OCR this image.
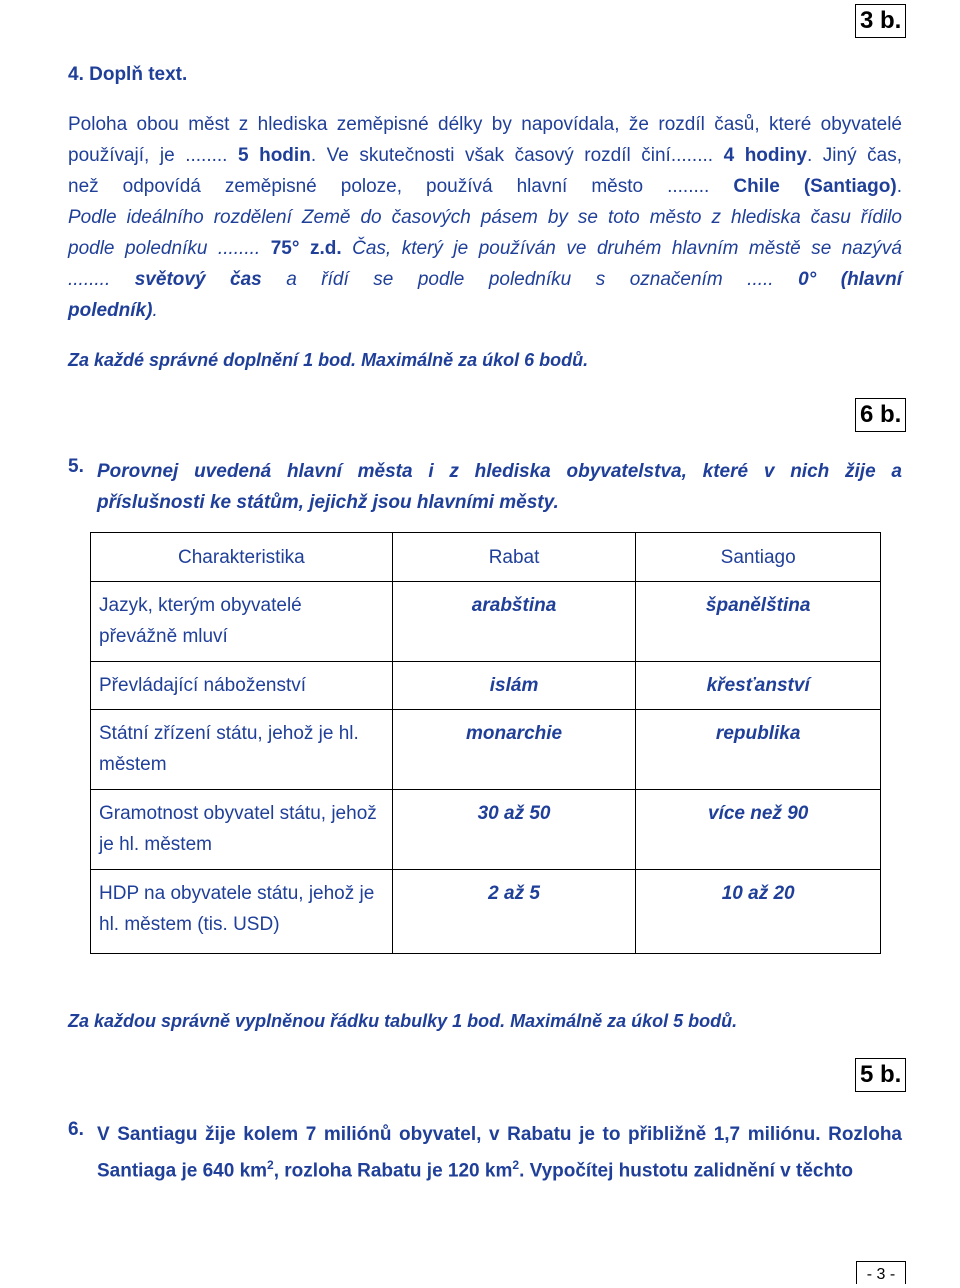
3 b.
4. Doplň text.
Poloha obou měst z hlediska zeměpisné délky by napovídala, že rozdíl časů, které obyvatelé
používají, je ........ 5 hodin. Ve skutečnosti však časový rozdíl činí........ 4 hodiny. Jiný čas,
než odpovídá zeměpisné poloze, používá hlavní město ........ Chile (Santiago).
Podle ideálního rozdělení Země do časových pásem by se toto město z hlediska času řídilo
podle poledníku ........ 75° z.d. Čas, který je používán ve druhém hlavním městě se nazývá
........ světový čas a řídí se podle poledníku s označením ..... 0° (hlavní
poledník).
Za každé správné doplnění 1 bod. Maximálně za úkol 6 bodů.
6 b.
5. Porovnej uvedená hlavní města i z hlediska obyvatelstva, které v nich žije a
příslušnosti ke státům, jejichž jsou hlavními městy.
Charakteristika	Rabat	Santiago
Jazyk, kterým obyvatelé převážně mluví	arabština	španělština
Převládající náboženství	islám	křesťanství
Státní zřízení státu, jehož je hl. městem	monarchie	republika
Gramotnost obyvatel státu, jehož je hl. městem	30 až 50	více než 90
HDP na obyvatele státu, jehož je hl. městem (tis. USD)	2 až 5	10 až 20
Za každou správně vyplněnou řádku tabulky 1 bod. Maximálně za úkol 5 bodů.
5 b.
6. V Santiagu žije kolem 7 miliónů obyvatel, v Rabatu je to přibližně 1,7 miliónu. Rozloha
Santiaga je 640 $km^2$, rozloha Rabatu je 120 $km^2$. Vypočítej hustotu zalidnění v těchto
- 3 -
